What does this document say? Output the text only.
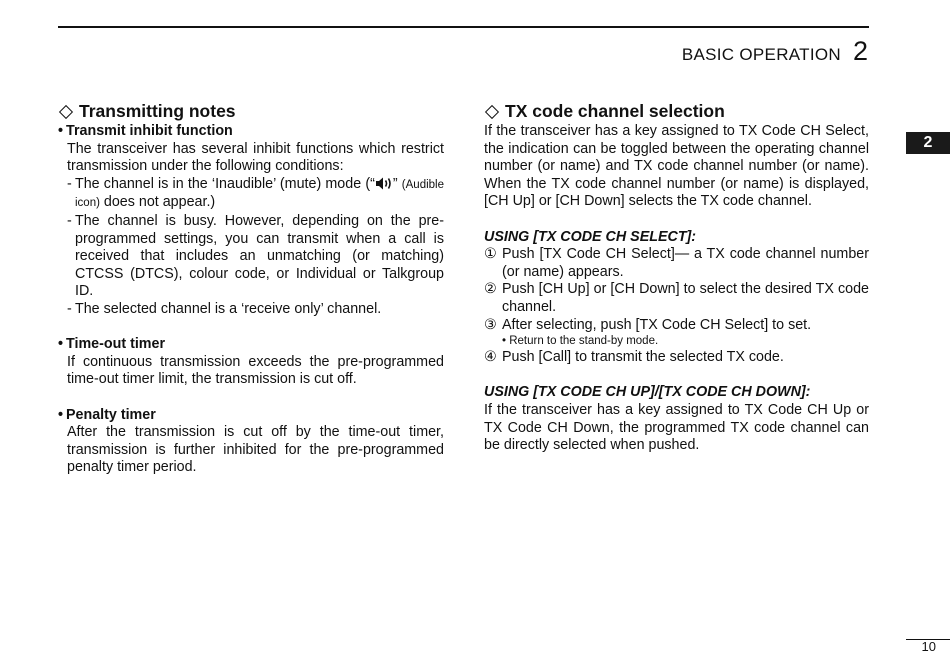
BASIC OPERATION 2
2
Transmitting notes
• Transmit inhibit function
The transceiver has several inhibit functions which restrict transmission under the following conditions:
- The channel is in the ‘Inaudible’ (mute) mode (“ ” (Audible icon) does not appear.)
- The channel is busy. However, depending on the pre-programmed settings, you can transmit when a call is received that includes an unmatching (or matching) CTCSS (DTCS), colour code, or Individual or Talkgroup ID.
- The selected channel is a ‘receive only’ channel.
• Time-out timer
If continuous transmission exceeds the pre-programmed time-out timer limit, the transmission is cut off.
• Penalty timer
After the transmission is cut off by the time-out timer, transmission is further inhibited for the pre-programmed penalty timer period.
TX code channel selection
If the transceiver has a key assigned to TX Code CH Select, the indication can be toggled between the operating channel number (or name) and TX code channel number (or name). When the TX code channel number (or name) is displayed, [CH Up] or [CH Down] selects the TX code channel.
USING [TX CODE CH SELECT]:
① Push [TX Code CH Select]— a TX code channel number (or name) appears.
② Push [CH Up] or [CH Down] to select the desired TX code channel.
③ After selecting, push [TX Code CH Select] to set.
• Return to the stand-by mode.
④ Push [Call] to transmit the selected TX code.
USING [TX CODE CH UP]/[TX CODE CH DOWN]:
If the transceiver has a key assigned to TX Code CH Up or TX Code CH Down, the programmed TX code channel can be directly selected when pushed.
10
